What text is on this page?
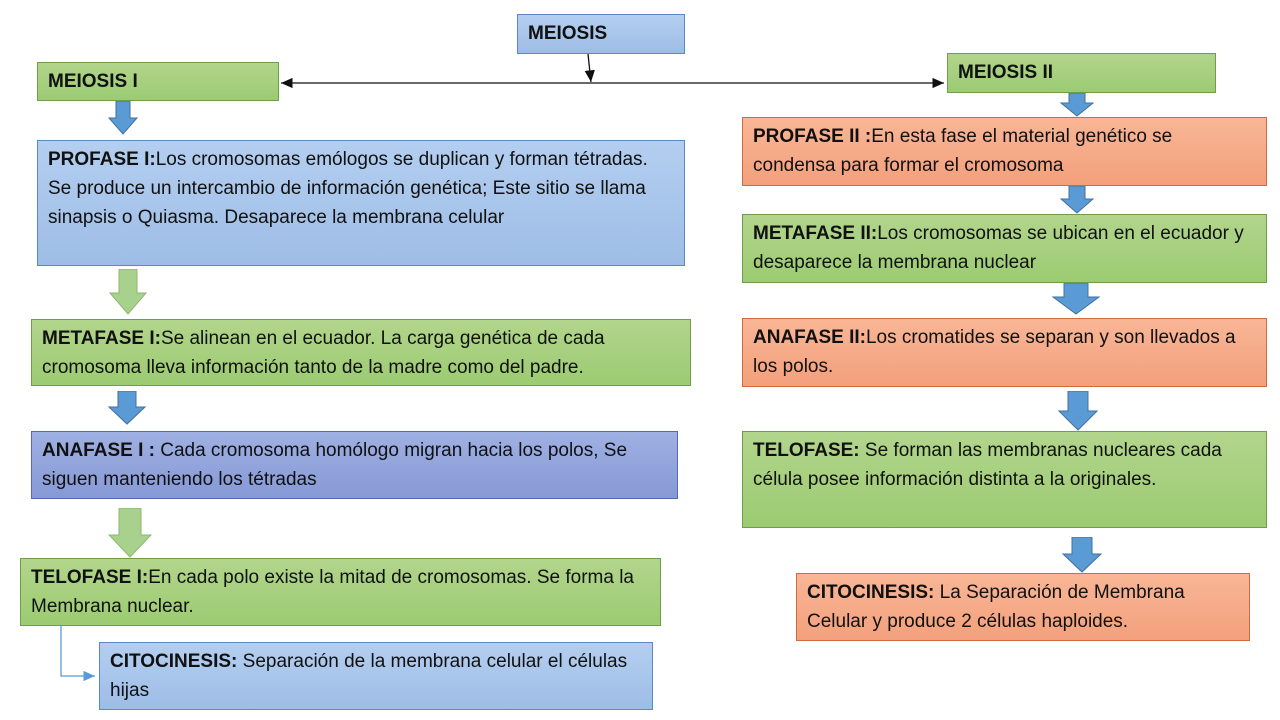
MEIOSIS
MEIOSIS I	MEIOSIS II
PROFASE I:Los cromosomas emólogos se duplican y forman tétradas. Se produce un intercambio de información genética; Este sitio se llama sinapsis o Quiasma. Desaparece la membrana celular
METAFASE I:Se alinean en el ecuador. La carga genética de cada cromosoma lleva información tanto de la madre como del padre.
ANAFASE I : Cada cromosoma homólogo migran hacia los polos, Se siguen manteniendo los tétradas
TELOFASE I:En cada polo existe la mitad de cromosomas. Se forma la Membrana nuclear.
CITOCINESIS: Separación de la membrana celular el células hijas
PROFASE II :En esta fase el material genético se condensa para formar el cromosoma
METAFASE II:Los cromosomas se ubican en el ecuador y desaparece la membrana nuclear
ANAFASE II:Los cromatides se separan y son llevados a los polos.
TELOFASE: Se forman las membranas nucleares cada célula posee información distinta a la originales.
CITOCINESIS: La Separación de Membrana Celular y produce 2 células haploides.
